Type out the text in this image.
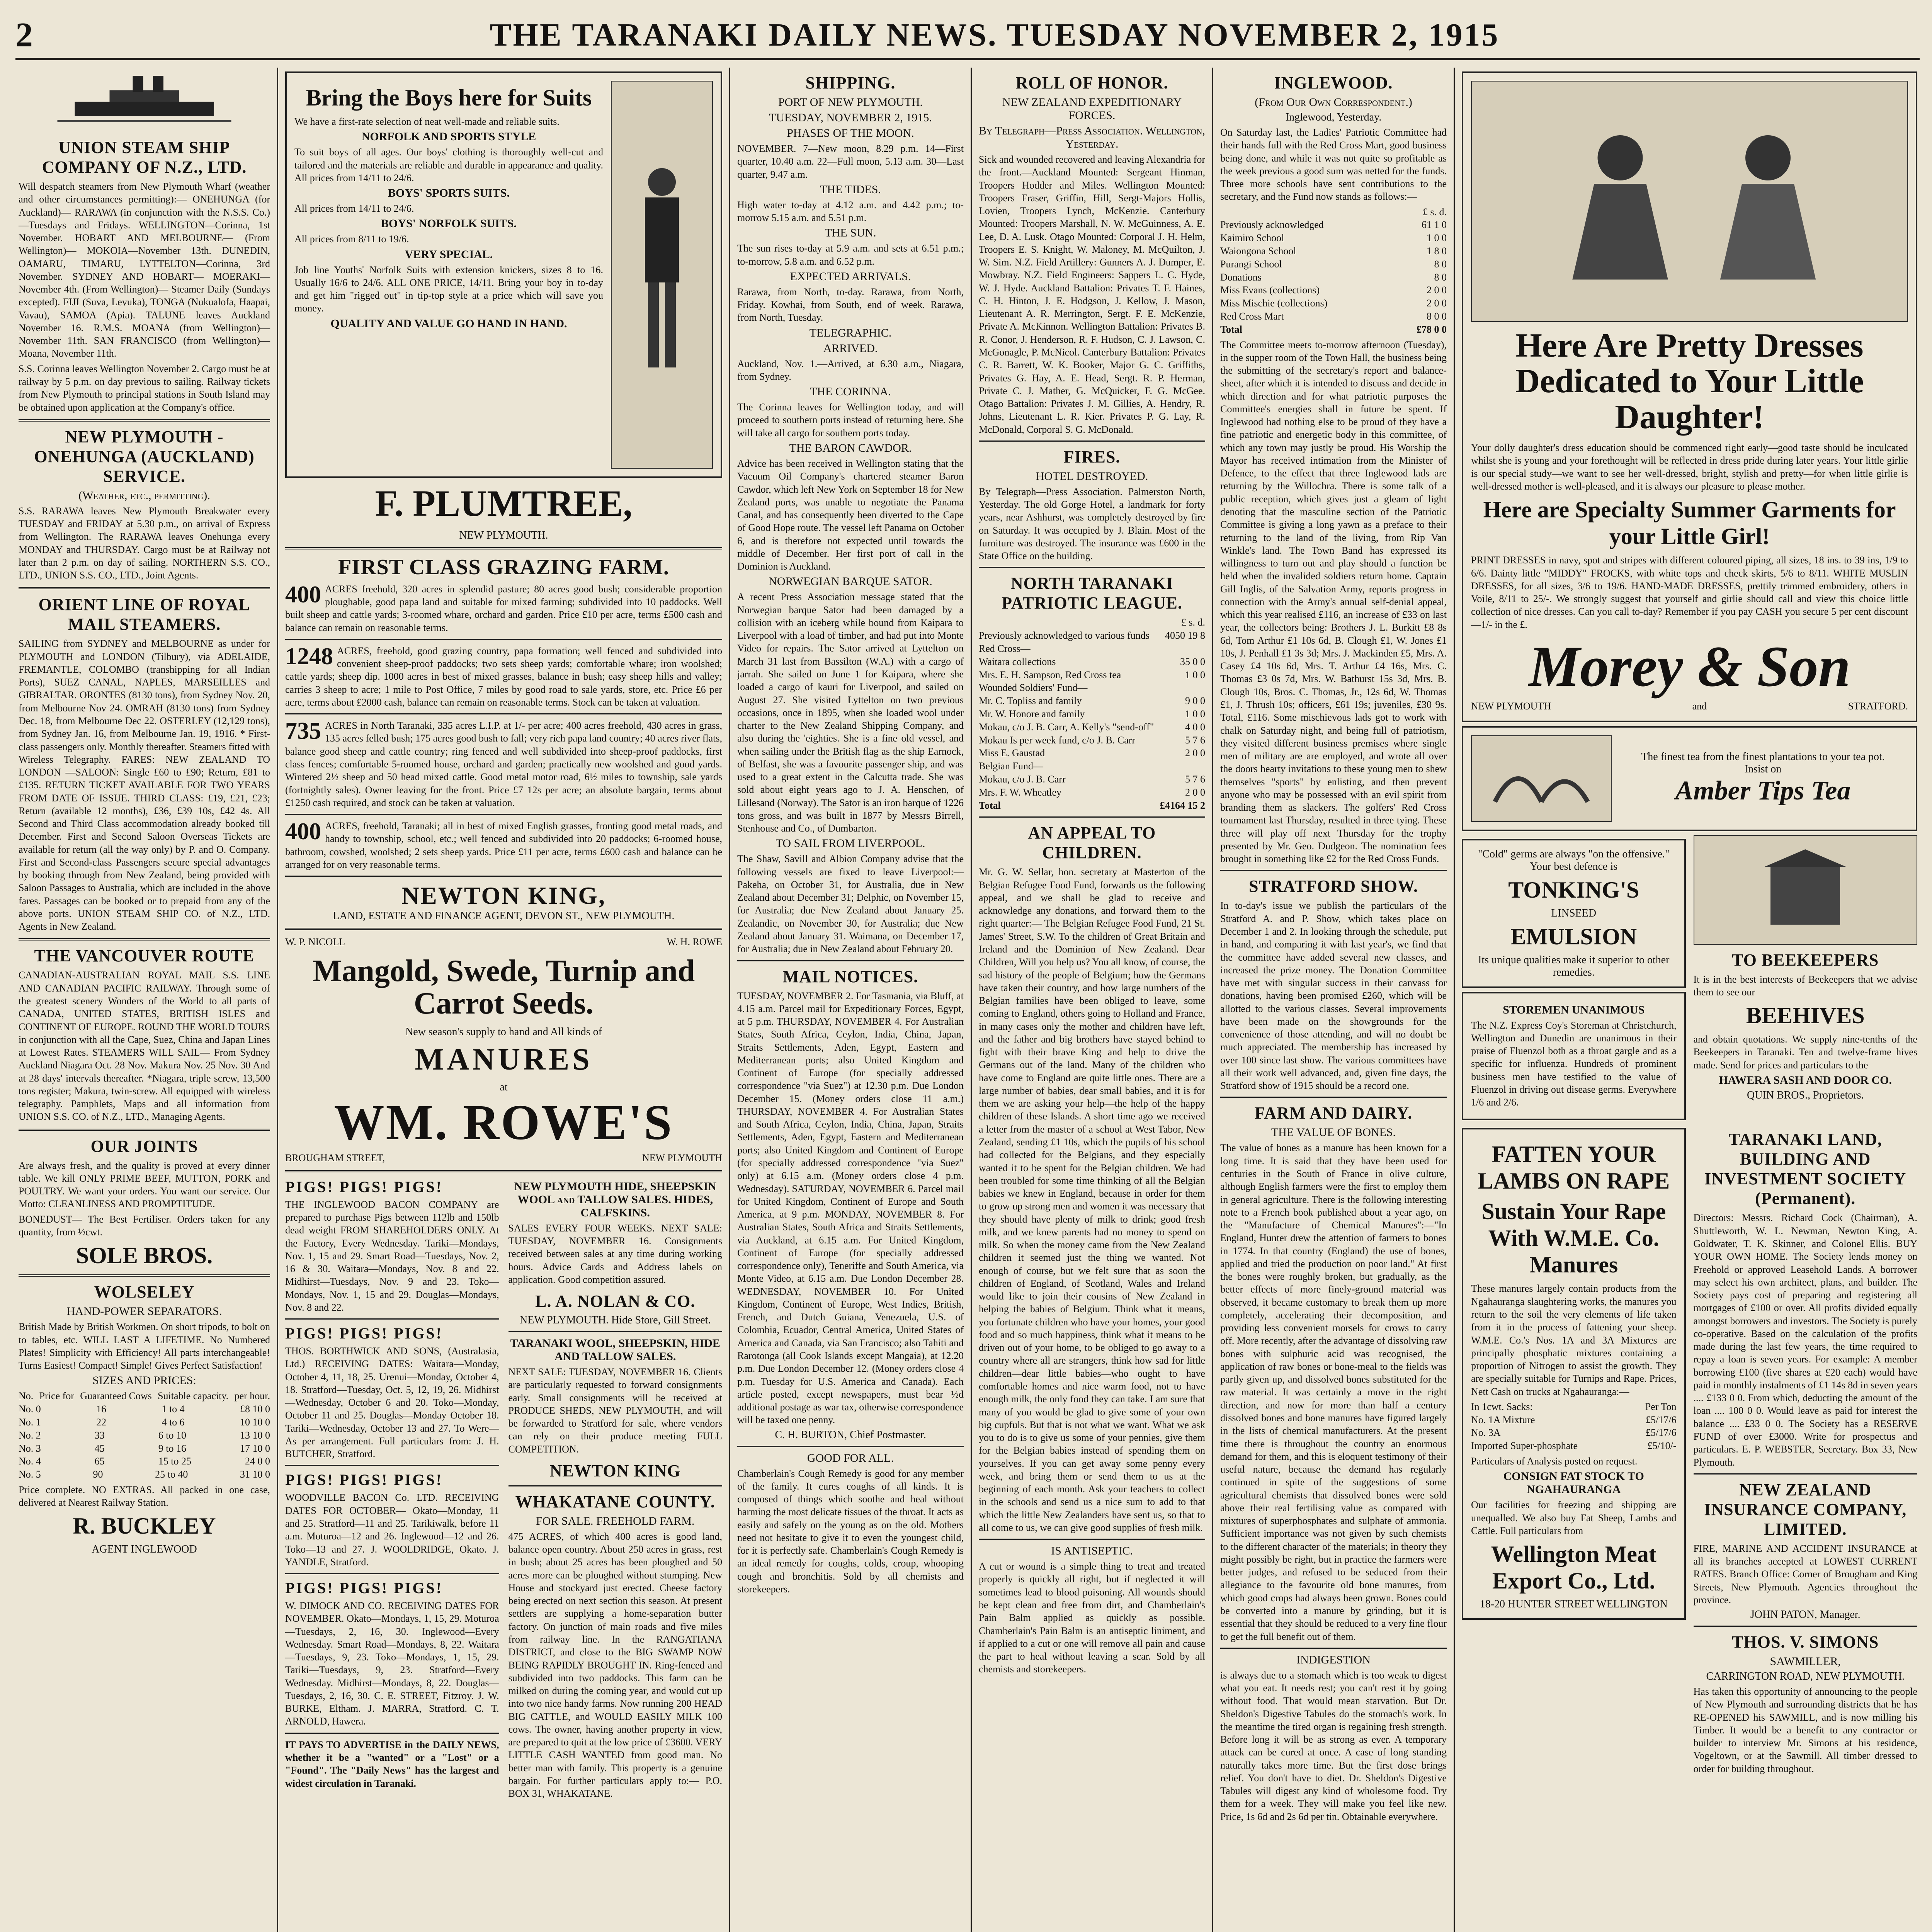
2	THE TARANAKI DAILY NEWS. TUESDAY NOVEMBER 2, 1915
UNION STEAM SHIP COMPANY OF N.Z., LTD.

Will despatch steamers from New Plymouth Wharf (weather and other circumstances permitting):— ONEHUNGA (for Auckland)— RARAWA (in conjunction with the N.S.S. Co.)—Tuesdays and Fridays. WELLINGTON—Corinna, 1st November. HOBART AND MELBOURNE— (From Wellington)— MOKOIA—November 13th. DUNEDIN, OAMARU, TIMARU, LYTTELTON—Corinna, 3rd November. SYDNEY AND HOBART— MOERAKI—November 4th. (From Wellington)— Steamer Daily (Sundays excepted). FIJI (Suva, Levuka), TONGA (Nukualofa, Haapai, Vavau), SAMOA (Apia). TALUNE leaves Auckland November 16. R.M.S. MOANA (from Wellington)—November 11th. SAN FRANCISCO (from Wellington)—Moana, November 11th.

S.S. Corinna leaves Wellington November 2. Cargo must be at railway by 5 p.m. on day previous to sailing. Railway tickets from New Plymouth to principal stations in South Island may be obtained upon application at the Company's office.

NEW PLYMOUTH - ONEHUNGA (AUCKLAND) SERVICE.
(Weather, etc., permitting).

S.S. RARAWA leaves New Plymouth Breakwater every TUESDAY and FRIDAY at 5.30 p.m., on arrival of Express from Wellington. The RARAWA leaves Onehunga every MONDAY and THURSDAY. Cargo must be at Railway not later than 2 p.m. on day of sailing. NORTHERN S.S. CO., LTD., UNION S.S. CO., LTD., Joint Agents.

ORIENT LINE OF ROYAL MAIL STEAMERS.

SAILING from SYDNEY and MELBOURNE as under for PLYMOUTH and LONDON (Tilbury), via ADELAIDE, FREMANTLE, COLOMBO (transhipping for all Indian Ports), SUEZ CANAL, NAPLES, MARSEILLES and GIBRALTAR. ORONTES (8130 tons), from Sydney Nov. 20, from Melbourne Nov 24. OMRAH (8130 tons) from Sydney Dec. 18, from Melbourne Dec 22. OSTERLEY (12,129 tons), from Sydney Jan. 16, from Melbourne Jan. 19, 1916. * First-class passengers only. Monthly thereafter. Steamers fitted with Wireless Telegraphy. FARES: NEW ZEALAND TO LONDON —SALOON: Single £60 to £90; Return, £81 to £135. RETURN TICKET AVAILABLE FOR TWO YEARS FROM DATE OF ISSUE. THIRD CLASS: £19, £21, £23; Return (available 12 months), £36, £39 10s, £42 4s. All Second and Third Class accommodation already booked till December. First and Second Saloon Overseas Tickets are available for return (all the way only) by P. and O. Company. First and Second-class Passengers secure special advantages by booking through from New Zealand, being provided with Saloon Passages to Australia, which are included in the above fares. Passages can be booked or to prepaid from any of the above ports. UNION STEAM SHIP CO. of N.Z., LTD. Agents in New Zealand.

THE VANCOUVER ROUTE

CANADIAN-AUSTRALIAN ROYAL MAIL S.S. LINE AND CANADIAN PACIFIC RAILWAY. Through some of the greatest scenery Wonders of the World to all parts of CANADA, UNITED STATES, BRITISH ISLES and CONTINENT OF EUROPE. ROUND THE WORLD TOURS in conjunction with all the Cape, Suez, China and Japan Lines at Lowest Rates. STEAMERS WILL SAIL— From Sydney Auckland Niagara Oct. 28 Nov. Makura Nov. 25 Nov. 30 And at 28 days' intervals thereafter. *Niagara, triple screw, 13,500 tons register; Makura, twin-screw. All equipped with wireless telegraphy. Pamphlets, Maps and all information from UNION S.S. CO. of N.Z., LTD., Managing Agents.

OUR JOINTS

Are always fresh, and the quality is proved at every dinner table. We kill ONLY PRIME BEEF, MUTTON, PORK and POULTRY. We want your orders. You want our service. Our Motto: CLEANLINESS AND PROMPTITUDE.

BONEDUST— The Best Fertiliser. Orders taken for any quantity, from ½cwt.

SOLE BROS.
WOLSELEY
HAND-POWER SEPARATORS.

British Made by British Workmen. On short tripods, to bolt on to tables, etc. WILL LAST A LIFETIME. No Numbered Plates! Simplicity with Efficiency! All parts interchangeable! Turns Easiest! Compact! Simple! Gives Perfect Satisfaction!

SIZES AND PRICES:
No. Price for Guaranteed Cows Suitable capacity. per hour.
No. 0	16	1 to 4	£8 10 0
No. 1	22	4 to 6	10 10 0
No. 2	33	6 to 10	13 10 0
No. 3	45	9 to 16	17 10 0
No. 4	65	15 to 25	24 0 0
No. 5	90	25 to 40	31 10 0

Price complete. NO EXTRAS. All packed in one case, delivered at Nearest Railway Station.

R. BUCKLEY
AGENT INGLEWOOD
Bring the Boys here for Suits

We have a first-rate selection of neat well-made and reliable suits.

NORFOLK AND SPORTS STYLE

To suit boys of all ages. Our boys' clothing is thoroughly well-cut and tailored and the materials are reliable and durable in appearance and quality. All prices from 14/11 to 24/6.

BOYS' SPORTS SUITS.

All prices from 14/11 to 24/6.

BOYS' NORFOLK SUITS.

All prices from 8/11 to 19/6.

VERY SPECIAL.

Job line Youths' Norfolk Suits with extension knickers, sizes 8 to 16. Usually 16/6 to 24/6. ALL ONE PRICE, 14/11. Bring your boy in to-day and get him "rigged out" in tip-top style at a price which will save you money.

QUALITY AND VALUE GO HAND IN HAND.
F. PLUMTREE,
NEW PLYMOUTH.
FIRST CLASS GRAZING FARM.
400 ACRES freehold, 320 acres in splendid pasture; 80 acres good bush; considerable proportion ploughable, good papa land and suitable for mixed farming; subdivided into 10 paddocks. Well built sheep and cattle yards; 3-roomed whare, orchard and garden. Price £10 per acre, terms £500 cash and balance can remain on reasonable terms.
1248 ACRES, freehold, good grazing country, papa formation; well fenced and subdivided into convenient sheep-proof paddocks; two sets sheep yards; comfortable whare; iron woolshed; cattle yards; sheep dip. 1000 acres in best of mixed grasses, balance in bush; easy sheep hills and valley; carries 3 sheep to acre; 1 mile to Post Office, 7 miles by good road to sale yards, store, etc. Price £6 per acre, terms about £2000 cash, balance can remain on reasonable terms. Stock can be taken at valuation.
735 ACRES in North Taranaki, 335 acres L.I.P. at 1/- per acre; 400 acres freehold, 430 acres in grass, 135 acres felled bush; 175 acres good bush to fall; very rich papa land country; 40 acres river flats, balance good sheep and cattle country; ring fenced and well subdivided into sheep-proof paddocks, first class fences; comfortable 5-roomed house, orchard and garden; practically new woolshed and good yards. Wintered 2½ sheep and 50 head mixed cattle. Good metal motor road, 6½ miles to township, sale yards (fortnightly sales). Owner leaving for the front. Price £7 12s per acre; an absolute bargain, terms about £1250 cash required, and stock can be taken at valuation.
400 ACRES, freehold, Taranaki; all in best of mixed English grasses, fronting good metal roads, and handy to township, school, etc.; well fenced and subdivided into 20 paddocks; 6-roomed house, bathroom, cowshed, woolshed; 2 sets sheep yards. Price £11 per acre, terms £600 cash and balance can be arranged for on very reasonable terms.
NEWTON KING,
LAND, ESTATE AND FINANCE AGENT, DEVON ST., NEW PLYMOUTH.
W. P. NICOLL	W. H. ROWE
Mangold, Swede, Turnip and Carrot Seeds.
New season's supply to hand and All kinds of
MANURES
at
WM. ROWE'S
BROUGHAM STREET,	NEW PLYMOUTH
PIGS! PIGS! PIGS!

THE INGLEWOOD BACON COMPANY are prepared to purchase Pigs between 112lb and 150lb dead weight FROM SHAREHOLDERS ONLY. At the Factory, Every Wednesday. Tariki—Mondays, Nov. 1, 15 and 29. Smart Road—Tuesdays, Nov. 2, 16 & 30. Waitara—Mondays, Nov. 8 and 22. Midhirst—Tuesdays, Nov. 9 and 23. Toko—Mondays, Nov. 1, 15 and 29. Douglas—Mondays, Nov. 8 and 22.

PIGS! PIGS! PIGS!

THOS. BORTHWICK AND SONS, (Australasia, Ltd.) RECEIVING DATES: Waitara—Monday, October 4, 11, 18, 25. Urenui—Monday, October 4, 18. Stratford—Tuesday, Oct. 5, 12, 19, 26. Midhirst—Wednesday, October 6 and 20. Toko—Monday, October 11 and 25. Douglas—Monday October 18. Tariki—Wednesday, October 13 and 27. To Were—As per arrangement. Full particulars from: J. H. BUTCHER, Stratford.

PIGS! PIGS! PIGS!

WOODVILLE BACON Co. LTD. RECEIVING DATES FOR OCTOBER— Okato—Monday, 11 and 25. Stratford—11 and 25. Tarikiwalk, before 11 a.m. Moturoa—12 and 26. Inglewood—12 and 26. Toko—13 and 27. J. WOOLDRIDGE, Okato. J. YANDLE, Stratford.

PIGS! PIGS! PIGS!

W. DIMOCK AND CO. RECEIVING DATES FOR NOVEMBER. Okato—Mondays, 1, 15, 29. Moturoa—Tuesdays, 2, 16, 30. Inglewood—Every Wednesday. Smart Road—Mondays, 8, 22. Waitara—Tuesdays, 9, 23. Toko—Mondays, 1, 15, 29. Tariki—Tuesdays, 9, 23. Stratford—Every Wednesday. Midhirst—Mondays, 8, 22. Douglas—Tuesdays, 2, 16, 30. C. E. STREET, Fitzroy. J. W. BURKE, Eltham. J. MARRA, Stratford. C. T. ARNOLD, Hawera.

IT PAYS TO ADVERTISE in the DAILY NEWS, whether it be a "wanted" or a "Lost" or a "Found". The "Daily News" has the largest and widest circulation in Taranaki.

NEW PLYMOUTH HIDE, SHEEPSKIN WOOL and TALLOW SALES. HIDES, CALFSKINS.

SALES EVERY FOUR WEEKS. NEXT SALE: TUESDAY, NOVEMBER 16. Consignments received between sales at any time during working hours. Advice Cards and Address labels on application. Good competition assured.

L. A. NOLAN & CO.
NEW PLYMOUTH. Hide Store, Gill Street.
TARANAKI WOOL, SHEEPSKIN, HIDE AND TALLOW SALES.

NEXT SALE: TUESDAY, NOVEMBER 16. Clients are particularly requested to forward consignments early. Small consignments will be received at PRODUCE SHEDS, NEW PLYMOUTH, and will be forwarded to Stratford for sale, where vendors can rely on their produce meeting FULL COMPETITION.

NEWTON KING
WHAKATANE COUNTY.
FOR SALE. FREEHOLD FARM.

475 ACRES, of which 400 acres is good land, balance open country. About 250 acres in grass, rest in bush; about 25 acres has been ploughed and 50 acres more can be ploughed without stumping. New House and stockyard just erected. Cheese factory being erected on next section this season. At present settlers are supplying a home-separation butter factory. On junction of main roads and five miles from railway line. In the RANGATIANA DISTRICT, and close to the BIG SWAMP NOW BEING RAPIDLY BROUGHT IN. Ring-fenced and subdivided into two paddocks. This farm can be milked on during the coming year, and would cut up into two nice handy farms. Now running 200 HEAD BIG CATTLE, and WOULD EASILY MILK 100 cows. The owner, having another property in view, are prepared to quit at the low price of £3600. VERY LITTLE CASH WANTED from good man. No better man with family. This property is a genuine bargain. For further particulars apply to:— P.O. BOX 31, WHAKATANE.

SHIPPING.
PORT OF NEW PLYMOUTH.
TUESDAY, NOVEMBER 2, 1915.
PHASES OF THE MOON.

NOVEMBER. 7—New moon, 8.29 p.m. 14—First quarter, 10.40 a.m. 22—Full moon, 5.13 a.m. 30—Last quarter, 9.47 a.m.

THE TIDES.

High water to-day at 4.12 a.m. and 4.42 p.m.; to-morrow 5.15 a.m. and 5.51 p.m.

THE SUN.

The sun rises to-day at 5.9 a.m. and sets at 6.51 p.m.; to-morrow, 5.8 a.m. and 6.52 p.m.

EXPECTED ARRIVALS.

Rarawa, from North, to-day. Rarawa, from North, Friday. Kowhai, from South, end of week. Rarawa, from North, Tuesday.

TELEGRAPHIC.
ARRIVED.

Auckland, Nov. 1.—Arrived, at 6.30 a.m., Niagara, from Sydney.

THE CORINNA.

The Corinna leaves for Wellington today, and will proceed to southern ports instead of returning here. She will take all cargo for southern ports today.

THE BARON CAWDOR.

Advice has been received in Wellington stating that the Vacuum Oil Company's chartered steamer Baron Cawdor, which left New York on September 18 for New Zealand ports, was unable to negotiate the Panama Canal, and has consequently been diverted to the Cape of Good Hope route. The vessel left Panama on October 6, and is therefore not expected until towards the middle of December. Her first port of call in the Dominion is Auckland.

NORWEGIAN BARQUE SATOR.

A recent Press Association message stated that the Norwegian barque Sator had been damaged by a collision with an iceberg while bound from Kaipara to Liverpool with a load of timber, and had put into Monte Video for repairs. The Sator arrived at Lyttelton on March 31 last from Bassilton (W.A.) with a cargo of jarrah. She sailed on June 1 for Kaipara, where she loaded a cargo of kauri for Liverpool, and sailed on August 27. She visited Lyttelton on two previous occasions, once in 1895, when she loaded wool under charter to the New Zealand Shipping Company, and also during the 'eighties. She is a fine old vessel, and when sailing under the British flag as the ship Earnock, of Belfast, she was a favourite passenger ship, and was used to a great extent in the Calcutta trade. She was sold about eight years ago to J. A. Henschen, of Lillesand (Norway). The Sator is an iron barque of 1226 tons gross, and was built in 1877 by Messrs Birrell, Stenhouse and Co., of Dumbarton.

TO SAIL FROM LIVERPOOL.

The Shaw, Savill and Albion Company advise that the following vessels are fixed to leave Liverpool:— Pakeha, on October 31, for Australia, due in New Zealand about December 31; Delphic, on November 15, for Australia; due New Zealand about January 25. Zealandic, on November 30, for Australia; due New Zealand about January 31. Waimana, on December 17, for Australia; due in New Zealand about February 20.

MAIL NOTICES.

TUESDAY, NOVEMBER 2. For Tasmania, via Bluff, at 4.15 a.m. Parcel mail for Expeditionary Forces, Egypt, at 5 p.m. THURSDAY, NOVEMBER 4. For Australian States, South Africa, Ceylon, India, China, Japan, Straits Settlements, Aden, Egypt, Eastern and Mediterranean ports; also United Kingdom and Continent of Europe (for specially addressed correspondence "via Suez") at 12.30 p.m. Due London December 15. (Money orders close 11 a.m.) THURSDAY, NOVEMBER 4. For Australian States and South Africa, Ceylon, India, China, Japan, Straits Settlements, Aden, Egypt, Eastern and Mediterranean ports; also United Kingdom and Continent of Europe (for specially addressed correspondence "via Suez" only) at 6.15 a.m. (Money orders close 4 p.m. Wednesday). SATURDAY, NOVEMBER 6. Parcel mail for United Kingdom, Continent of Europe and South America, at 9 p.m. MONDAY, NOVEMBER 8. For Australian States, South Africa and Straits Settlements, via Auckland, at 6.15 a.m. For United Kingdom, Continent of Europe (for specially addressed correspondence only), Teneriffe and South America, via Monte Video, at 6.15 a.m. Due London December 28. WEDNESDAY, NOVEMBER 10. For United Kingdom, Continent of Europe, West Indies, British, French, and Dutch Guiana, Venezuela, U.S. of Colombia, Ecuador, Central America, United States of America and Canada, via San Francisco; also Tahiti and Rarotonga (all Cook Islands except Mangaia), at 12.20 p.m. Due London December 12. (Money orders close 4 p.m. Tuesday for U.S. America and Canada). Each article posted, except newspapers, must bear ½d additional postage as war tax, otherwise correspondence will be taxed one penny.

C. H. BURTON, Chief Postmaster.
GOOD FOR ALL.

Chamberlain's Cough Remedy is good for any member of the family. It cures coughs of all kinds. It is composed of things which soothe and heal without harming the most delicate tissues of the throat. It acts as easily and safely on the young as on the old. Mothers need not hesitate to give it to even the youngest child, for it is perfectly safe. Chamberlain's Cough Remedy is an ideal remedy for coughs, colds, croup, whooping cough and bronchitis. Sold by all chemists and storekeepers.

ROLL OF HONOR.
NEW ZEALAND EXPEDITIONARY FORCES.
By Telegraph—Press Association. Wellington, Yesterday.

Sick and wounded recovered and leaving Alexandria for the front.—Auckland Mounted: Sergeant Hinman, Troopers Hodder and Miles. Wellington Mounted: Troopers Fraser, Griffin, Hill, Sergt-Majors Hollis, Lovien, Troopers Lynch, McKenzie. Canterbury Mounted: Troopers Marshall, N. W. McGuinness, A. E. Lee, D. A. Lusk. Otago Mounted: Corporal J. H. Helm, Troopers E. S. Knight, W. Maloney, M. McQuilton, J. W. Sim. N.Z. Field Artillery: Gunners A. J. Dumper, E. Mowbray. N.Z. Field Engineers: Sappers L. C. Hyde, W. J. Hyde. Auckland Battalion: Privates T. F. Haines, C. H. Hinton, J. E. Hodgson, J. Kellow, J. Mason, Lieutenant A. R. Merrington, Sergt. F. E. McKenzie, Private A. McKinnon. Wellington Battalion: Privates B. R. Conor, J. Henderson, R. F. Hudson, C. J. Lawson, C. McGonagle, P. McNicol. Canterbury Battalion: Privates C. R. Barrett, W. K. Booker, Major G. C. Griffiths, Privates G. Hay, A. E. Head, Sergt. R. P. Herman, Private C. J. Mather, G. McQuicker, F. G. McGee. Otago Battalion: Privates J. M. Gillies, A. Hendry, R. Johns, Lieutenant L. R. Kier. Privates P. G. Lay, R. McDonald, Corporal S. G. McDonald.

FIRES.
HOTEL DESTROYED.

By Telegraph—Press Association. Palmerston North, Yesterday. The old Gorge Hotel, a landmark for forty years, near Ashhurst, was completely destroyed by fire on Saturday. It was occupied by J. Blain. Most of the furniture was destroyed. The insurance was £600 in the State Office on the building.

NORTH TARANAKI PATRIOTIC LEAGUE.
£ s. d.
Previously acknowledged to various funds 4050 19 8
Red Cross—
Waitara collections	35 0 0
Mrs. E. H. Sampson, Red Cross tea	1 0 0
Wounded Soldiers' Fund—
Mr. C. Topliss and family	9 0 0
Mr. W. Honore and family	1 0 0
Mokau, c/o J. B. Carr, A. Kelly's "send-off"	4 0 0
Mokau Is per week fund, c/o J. B. Carr	5 7 6
Miss E. Gaustad	2 0 0
Belgian Fund—
Mokau, c/o J. B. Carr	5 7 6
Mrs. F. W. Wheatley	2 0 0
Total	£4164 15 2
AN APPEAL TO CHILDREN.

Mr. G. W. Sellar, hon. secretary at Masterton of the Belgian Refugee Food Fund, forwards us the following appeal, and we shall be glad to receive and acknowledge any donations, and forward them to the right quarter:— The Belgian Refugee Food Fund, 21 St. James' Street, S.W. To the children of Great Britain and Ireland and the Dominion of New Zealand. Dear Children, Will you help us? You all know, of course, the sad history of the people of Belgium; how the Germans have taken their country, and how large numbers of the Belgian families have been obliged to leave, some coming to England, others going to Holland and France, in many cases only the mother and children have left, and the father and big brothers have stayed behind to fight with their brave King and help to drive the Germans out of the land. Many of the children who have come to England are quite little ones. There are a large number of babies, dear small babies, and it is for them we are asking your help—the help of the happy children of these Islands. A short time ago we received a letter from the master of a school at West Tabor, New Zealand, sending £1 10s, which the pupils of his school had collected for the Belgians, and they especially wanted it to be spent for the Belgian children. We had been troubled for some time thinking of all the Belgian babies we knew in England, because in order for them to grow up strong men and women it was necessary that they should have plenty of milk to drink; good fresh milk, and we knew parents had no money to spend on milk. So when the money came from the New Zealand children it seemed just the thing we wanted. Not enough of course, but we felt sure that as soon the children of England, of Scotland, Wales and Ireland would like to join their cousins of New Zealand in helping the babies of Belgium. Think what it means, you fortunate children who have your homes, your good food and so much happiness, think what it means to be driven out of your home, to be obliged to go away to a country where all are strangers, think how sad for little children—dear little babies—who ought to have comfortable homes and nice warm food, not to have enough milk, the only food they can take. I am sure that many of you would be glad to give some of your own big cupfuls. But that is not what we want. What we ask you to do is to give us some of your pennies, give them for the Belgian babies instead of spending them on yourselves. If you can get away some penny every week, and bring them or send them to us at the beginning of each month. Ask your teachers to collect in the schools and send us a nice sum to add to that which the little New Zealanders have sent us, so that to all come to us, we can give good supplies of fresh milk.

IS ANTISEPTIC.

A cut or wound is a simple thing to treat and treated properly is quickly all right, but if neglected it will sometimes lead to blood poisoning. All wounds should be kept clean and free from dirt, and Chamberlain's Pain Balm applied as quickly as possible. Chamberlain's Pain Balm is an antiseptic liniment, and if applied to a cut or one will remove all pain and cause the part to heal without leaving a scar. Sold by all chemists and storekeepers.

INGLEWOOD.
(From Our Own Correspondent.)
Inglewood, Yesterday.

On Saturday last, the Ladies' Patriotic Committee had their hands full with the Red Cross Mart, good business being done, and while it was not quite so profitable as the week previous a good sum was netted for the funds. Three more schools have sent contributions to the secretary, and the Fund now stands as follows:—

£ s. d.
Previously acknowledged	61 1 0
Kaimiro School	1 0 0
Waiongona School	1 8 0
Purangi School	8 0
Donations	8 0
Miss Evans (collections)	2 0 0
Miss Mischie (collections)	2 0 0
Red Cross Mart	8 0 0
Total	£78 0 0

The Committee meets to-morrow afternoon (Tuesday), in the supper room of the Town Hall, the business being the submitting of the secretary's report and balance-sheet, after which it is intended to discuss and decide in which direction and for what patriotic purposes the Committee's energies shall in future be spent. If Inglewood had nothing else to be proud of they have a fine patriotic and energetic body in this committee, of which any town may justly be proud. His Worship the Mayor has received intimation from the Minister of Defence, to the effect that three Inglewood lads are returning by the Willochra. There is some talk of a public reception, which gives just a gleam of light denoting that the masculine section of the Patriotic Committee is giving a long yawn as a preface to their returning to the land of the living, from Rip Van Winkle's land. The Town Band has expressed its willingness to turn out and play should a function be held when the invalided soldiers return home. Captain Gill Inglis, of the Salvation Army, reports progress in connection with the Army's annual self-denial appeal, which this year realised £116, an increase of £33 on last year, the collectors being: Brothers J. L. Burkitt £8 8s 6d, Tom Arthur £1 10s 6d, B. Clough £1, W. Jones £1 10s, J. Penhall £1 3s 3d; Mrs. J. Mackinden £5, Mrs. A. Casey £4 10s 6d, Mrs. T. Arthur £4 16s, Mrs. C. Thomas £3 0s 7d, Mrs. W. Bathurst 15s 3d, Mrs. B. Clough 10s, Bros. C. Thomas, Jr., 12s 6d, W. Thomas £1, J. Thrush 10s; officers, £61 19s; juveniles, £30 9s. Total, £116. Some mischievous lads got to work with chalk on Saturday night, and being full of patriotism, they visited different business premises where single men of military are are employed, and wrote all over the doors hearty invitations to these young men to shew themselves "sports" by enlisting, and then prevent anyone who may be possessed with an evil spirit from branding them as slackers. The golfers' Red Cross tournament last Thursday, resulted in three tying. These three will play off next Thursday for the trophy presented by Mr. Geo. Dudgeon. The nomination fees brought in something like £2 for the Red Cross Funds.

STRATFORD SHOW.

In to-day's issue we publish the particulars of the Stratford A. and P. Show, which takes place on December 1 and 2. In looking through the schedule, put in hand, and comparing it with last year's, we find that the committee have added several new classes, and increased the prize money. The Donation Committee have met with singular success in their canvass for donations, having been promised £260, which will be allotted to the various classes. Several improvements have been made on the showgrounds for the convenience of those attending, and will no doubt be much appreciated. The membership has increased by over 100 since last show. The various committees have all their work well advanced, and, given fine days, the Stratford show of 1915 should be a record one.

FARM AND DAIRY.
THE VALUE OF BONES.

The value of bones as a manure has been known for a long time. It is said that they have been used for centuries in the South of France in olive culture, although English farmers were the first to employ them in general agriculture. There is the following interesting note to a French book published about a year ago, on the "Manufacture of Chemical Manures":—"In England, Hunter drew the attention of farmers to bones in 1774. In that country (England) the use of bones, applied and tried the production on poor land." At first the bones were roughly broken, but gradually, as the better effects of more finely-ground material was observed, it became customary to break them up more completely, accelerating their decomposition, and providing less convenient morsels for crows to carry off. More recently, after the advantage of dissolving raw bones with sulphuric acid was recognised, the application of raw bones or bone-meal to the fields was partly given up, and dissolved bones substituted for the raw material. It was certainly a move in the right direction, and now for more than half a century dissolved bones and bone manures have figured largely in the lists of chemical manufacturers. At the present time there is throughout the country an enormous demand for them, and this is eloquent testimony of their useful nature, because the demand has regularly continued in spite of the suggestions of some agricultural chemists that dissolved bones were sold above their real fertilising value as compared with mixtures of superphosphates and sulphate of ammonia. Sufficient importance was not given by such chemists to the different character of the materials; in theory they might possibly be right, but in practice the farmers were better judges, and refused to be seduced from their allegiance to the favourite old bone manures, from which good crops had always been grown. Bones could be converted into a manure by grinding, but it is essential that they should be reduced to a very fine flour to get the full benefit out of them.

INDIGESTION

is always due to a stomach which is too weak to digest what you eat. It needs rest; you can't rest it by going without food. That would mean starvation. But Dr. Sheldon's Digestive Tabules do the stomach's work. In the meantime the tired organ is regaining fresh strength. Before long it will be as strong as ever. A temporary attack can be cured at once. A case of long standing naturally takes more time. But the first dose brings relief. You don't have to diet. Dr. Sheldon's Digestive Tabules will digest any kind of wholesome food. Try them for a week. They will make you feel like new. Price, 1s 6d and 2s 6d per tin. Obtainable everywhere.

Here Are Pretty Dresses Dedicated to Your Little Daughter!

Your dolly daughter's dress education should be commenced right early—good taste should be inculcated whilst she is young and your forethought will be reflected in dress pride during later years. Your little girlie is our special study—we want to see her well-dressed, bright, stylish and pretty—for when little girlie is well-dressed mother is well-pleased, and it is always our pleasure to please mother.

Here are Specialty Summer Garments for your Little Girl!

PRINT DRESSES in navy, spot and stripes with different coloured piping, all sizes, 18 ins. to 39 ins, 1/9 to 6/6. Dainty little "MIDDY" FROCKS, with white tops and check skirts, 5/6 to 8/11. WHITE MUSLIN DRESSES, for all sizes, 3/6 to 19/6. HAND-MADE DRESSES, prettily trimmed embroidery, others in Voile, 8/11 to 25/-. We strongly suggest that yourself and girlie should call and view this choice little collection of nice dresses. Can you call to-day? Remember if you pay CASH you secure 5 per cent discount—1/- in the £.

Morey & Son
NEW PLYMOUTH	and	STRATFORD.
The finest tea from the finest plantations to your tea pot.
Insist on
Amber Tips Tea
"Cold" germs are always "on the offensive." Your best defence is
TONKING'S
LINSEED
EMULSION
Its unique qualities make it superior to other remedies.
STOREMEN UNANIMOUS

The N.Z. Express Coy's Storeman at Christchurch, Wellington and Dunedin are unanimous in their praise of Fluenzol both as a throat gargle and as a specific for influenza. Hundreds of prominent business men have testified to the value of Fluenzol in driving out disease germs. Everywhere 1/6 and 2/6.

TO BEEKEEPERS

It is in the best interests of Beekeepers that we advise them to see our

BEEHIVES

and obtain quotations. We supply nine-tenths of the Beekeepers in Taranaki. Ten and twelve-frame hives made. Send for prices and particulars to the

HAWERA SASH AND DOOR CO.
QUIN BROS., Proprietors.
FATTEN YOUR LAMBS ON RAPE
Sustain Your Rape With W.M.E. Co. Manures

These manures largely contain products from the Ngahauranga slaughtering works, the manures you return to the soil the very elements of life taken from it in the process of fattening your sheep. W.M.E. Co.'s Nos. 1A and 3A Mixtures are principally phosphatic mixtures containing a proportion of Nitrogen to assist the growth. They are specially suitable for Turnips and Rape. Prices, Nett Cash on trucks at Ngahauranga:—

In 1cwt. Sacks:	Per Ton
No. 1A Mixture	£5/17/6
No. 3A	£5/17/6
Imported Super-phosphate	£5/10/-

Particulars of Analysis posted on request.

CONSIGN FAT STOCK TO NGAHAURANGA

Our facilities for freezing and shipping are unequalled. We also buy Fat Sheep, Lambs and Cattle. Full particulars from

Wellington Meat Export Co., Ltd.
18-20 HUNTER STREET WELLINGTON
TARANAKI LAND, BUILDING AND INVESTMENT SOCIETY (Permanent).

Directors: Messrs. Richard Cock (Chairman), A. Shuttleworth, W. L. Newman, Newton King, A. Goldwater, T. K. Skinner, and Colonel Ellis. BUY YOUR OWN HOME. The Society lends money on Freehold or approved Leasehold Lands. A borrower may select his own architect, plans, and builder. The Society pays cost of preparing and registering all mortgages of £100 or over. All profits divided equally amongst borrowers and investors. The Society is purely co-operative. Based on the calculation of the profits made during the last few years, the time required to repay a loan is seven years. For example: A member borrowing £100 (five shares at £20 each) would have paid in monthly instalments of £1 14s 8d in seven years .... £133 0 0. From which, deducting the amount of the loan .... 100 0 0. Would leave as paid for interest the balance .... £33 0 0. The Society has a RESERVE FUND of over £3000. Write for prospectus and particulars. E. P. WEBSTER, Secretary. Box 33, New Plymouth.

NEW ZEALAND INSURANCE COMPANY, LIMITED.

FIRE, MARINE AND ACCIDENT INSURANCE at all its branches accepted at LOWEST CURRENT RATES. Branch Office: Corner of Brougham and King Streets, New Plymouth. Agencies throughout the province.

JOHN PATON, Manager.
THOS. V. SIMONS
SAWMILLER,
CARRINGTON ROAD, NEW PLYMOUTH.

Has taken this opportunity of announcing to the people of New Plymouth and surrounding districts that he has RE-OPENED his SAWMILL, and is now milling his Timber. It would be a benefit to any contractor or builder to interview Mr. Simons at his residence, Vogeltown, or at the Sawmill. All timber dressed to order for building throughout.
